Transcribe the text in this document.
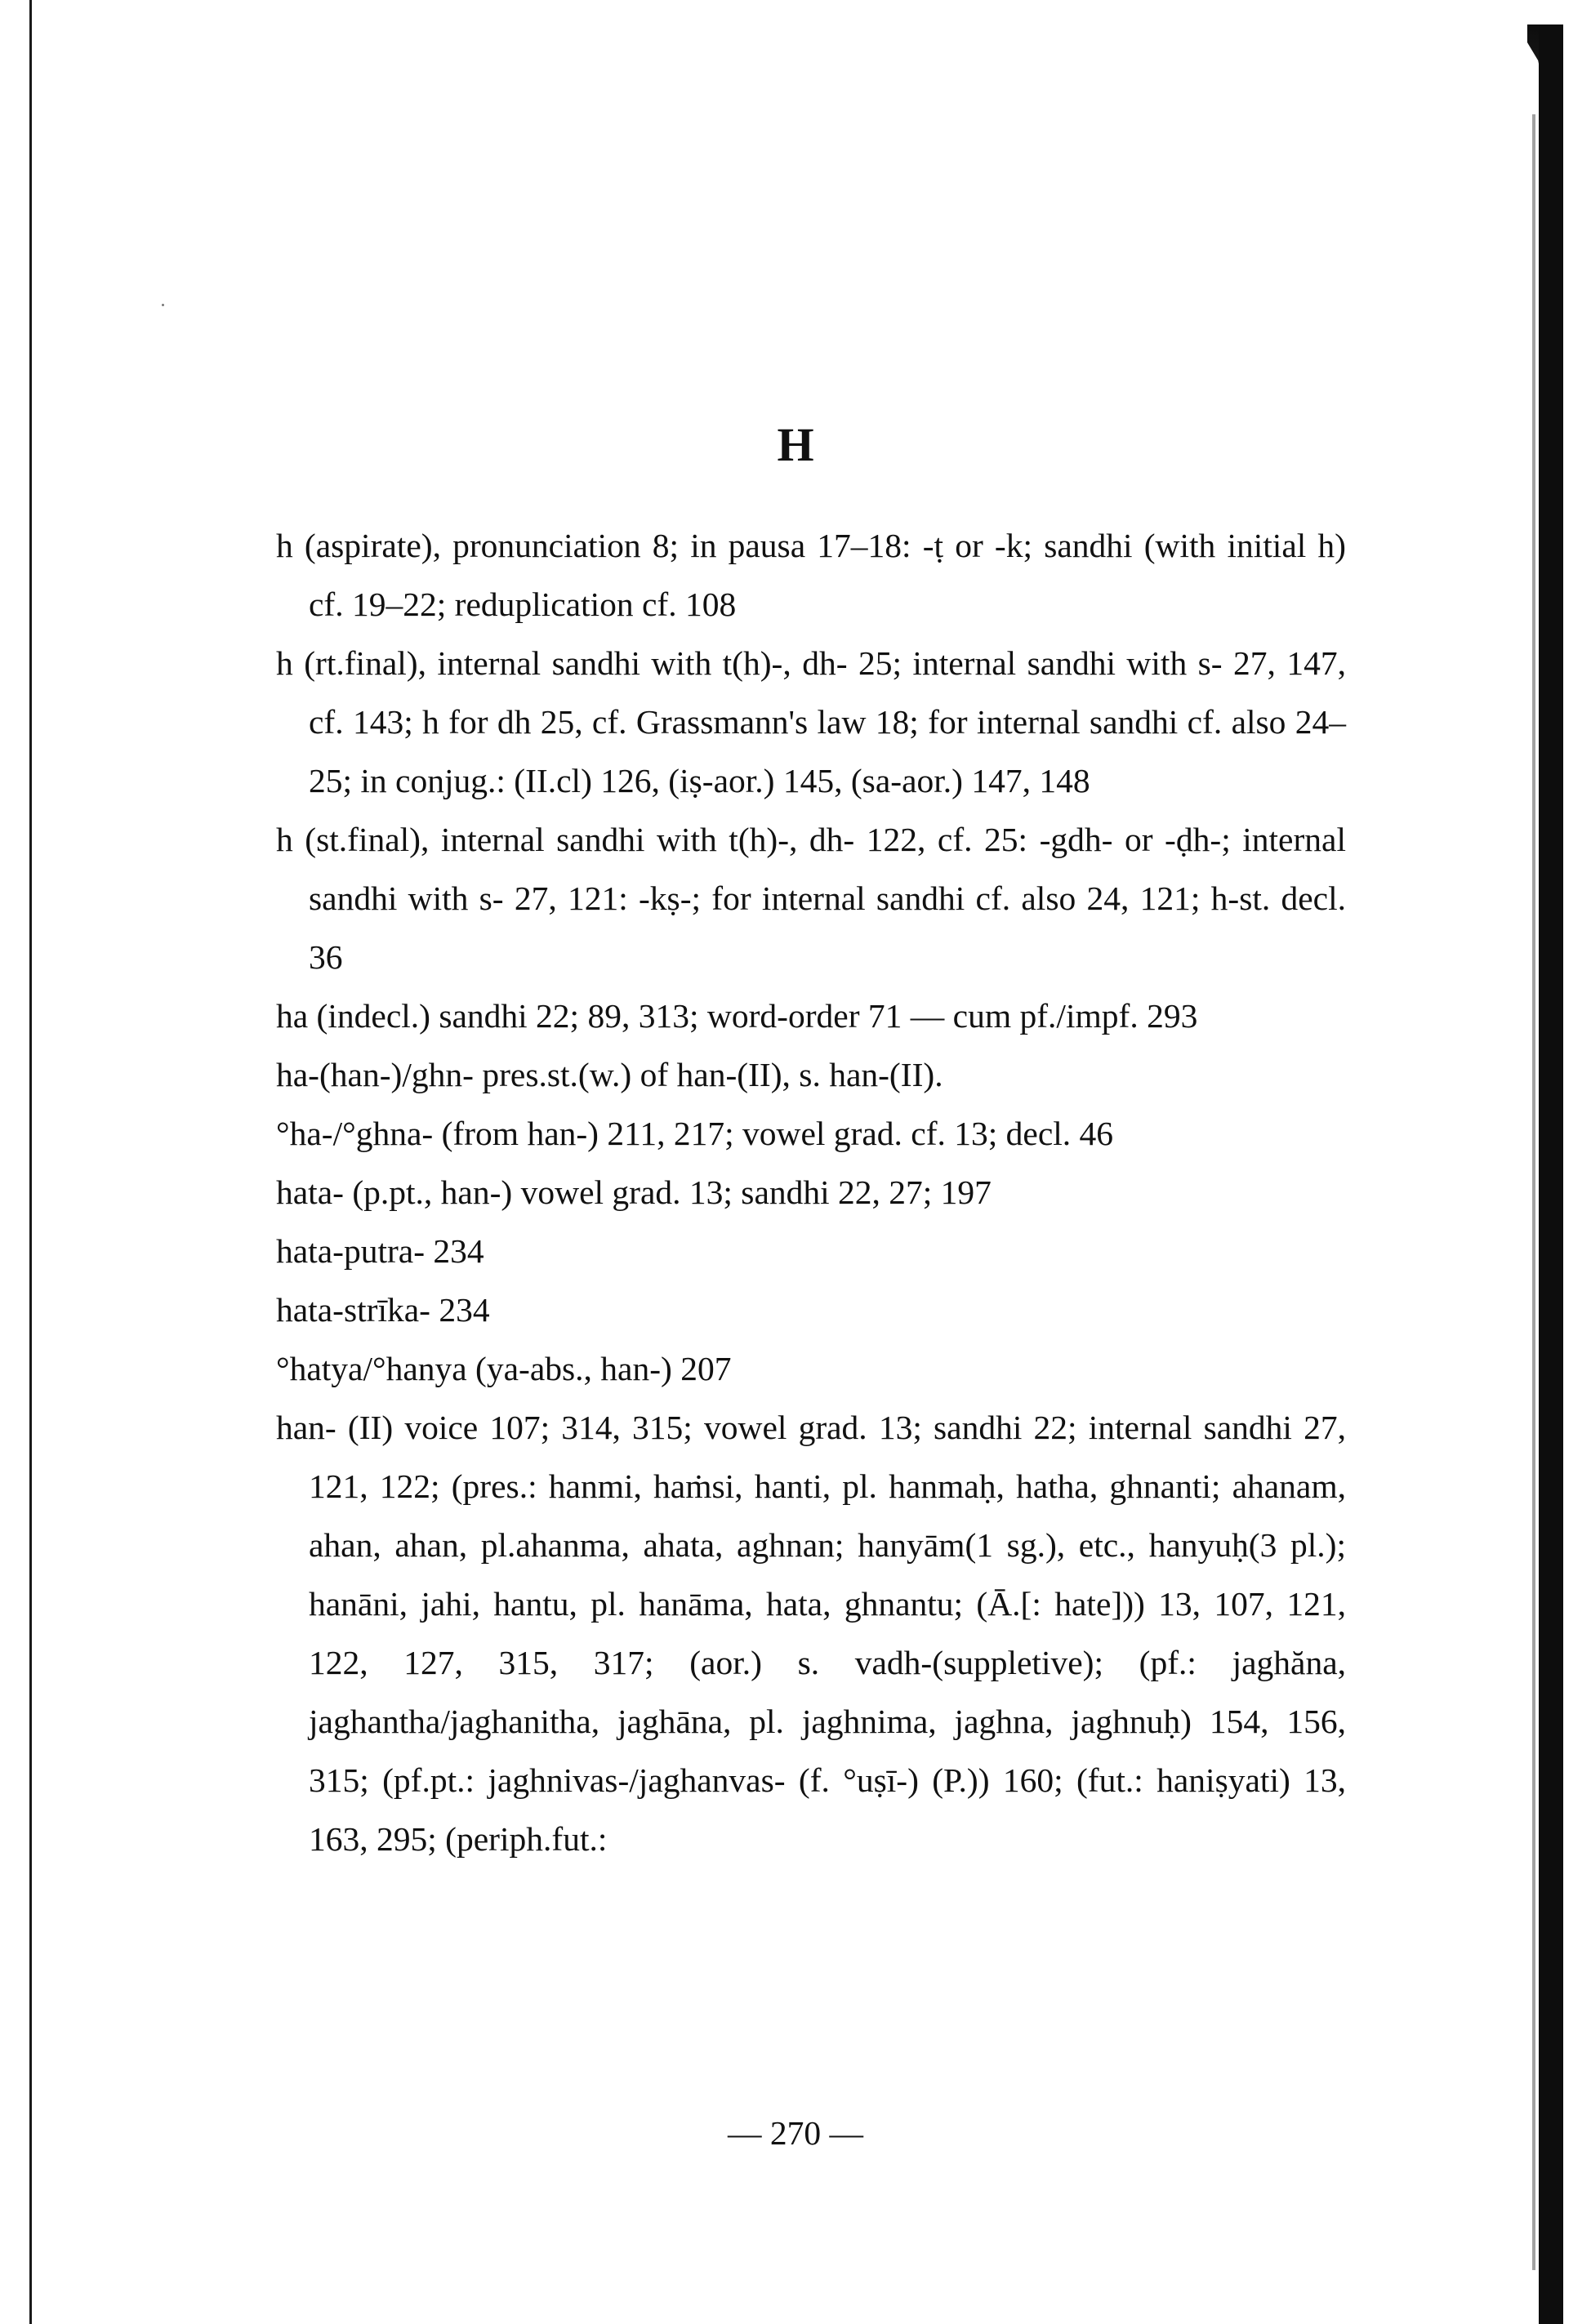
H

h (aspirate), pronunciation 8; in pausa 17–18: -ṭ or -k; sandhi (with initial h) cf. 19–22; reduplication cf. 108

h (rt.final), internal sandhi with t(h)-, dh- 25; internal sandhi with s- 27, 147, cf. 143; h for dh 25, cf. Grassmann's law 18; for internal sandhi cf. also 24–25; in conjug.: (II.cl) 126, (iṣ-aor.) 145, (sa-aor.) 147, 148

h (st.final), internal sandhi with t(h)-, dh- 122, cf. 25: -gdh- or -ḍh-; internal sandhi with s- 27, 121: -kṣ-; for internal sandhi cf. also 24, 121; h-st. decl. 36

ha (indecl.) sandhi 22; 89, 313; word-order 71 — cum pf./impf. 293

ha-(han-)/ghn- pres.st.(w.) of han-(II), s. han-(II).

°ha-/°ghna- (from han-) 211, 217; vowel grad. cf. 13; decl. 46

hata- (p.pt., han-) vowel grad. 13; sandhi 22, 27; 197

hata-putra- 234

hata-strīka- 234

°hatya/°hanya (ya-abs., han-) 207

han- (II) voice 107; 314, 315; vowel grad. 13; sandhi 22; internal sandhi 27, 121, 122; (pres.: hanmi, haṁsi, hanti, pl. hanmaḥ, hatha, ghnanti; ahanam, ahan, ahan, pl.ahanma, ahata, aghnan; hanyām(1 sg.), etc., hanyuḥ(3 pl.); hanāni, jahi, hantu, pl. hanāma, hata, ghnantu; (Ā.[: hate])) 13, 107, 121, 122, 127, 315, 317; (aor.) s. vadh-(suppletive); (pf.: jaghăna, jaghantha/jaghanitha, jaghāna, pl. jaghnima, jaghna, jaghnuḥ) 154, 156, 315; (pf.pt.: jaghnivas-/jaghanvas- (f. °uṣī-) (P.)) 160; (fut.: haniṣyati) 13, 163, 295; (periph.fut.:

— 270 —
